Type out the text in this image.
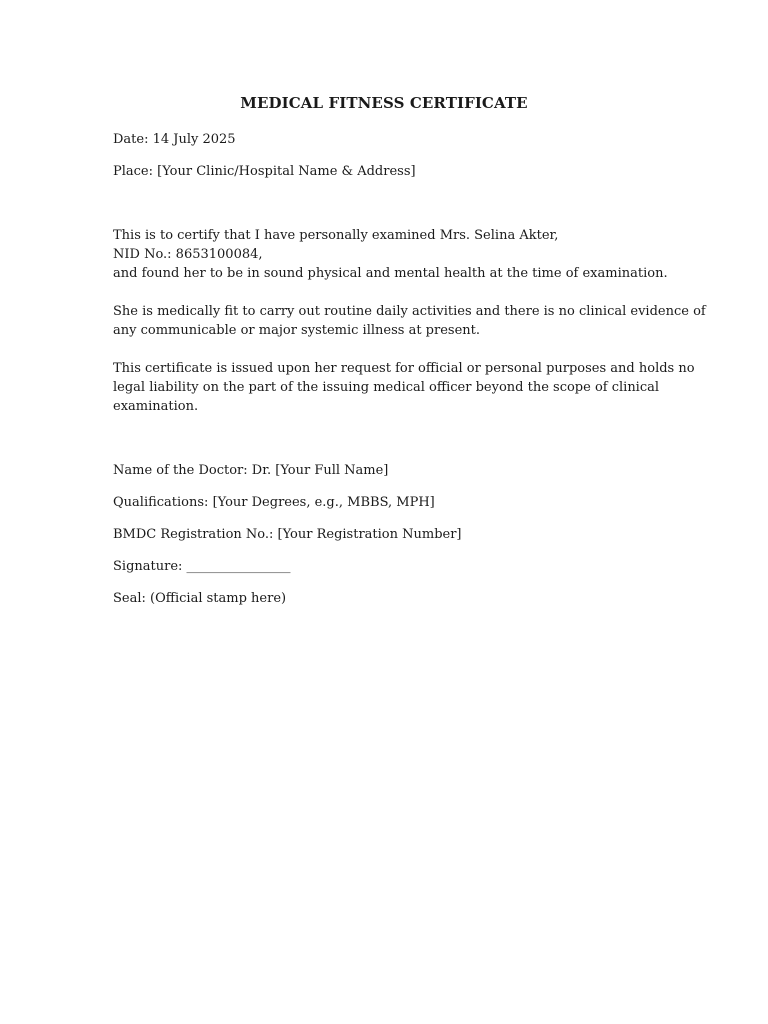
MEDICAL FITNESS CERTIFICATE
Date: 14 July 2025
Place: [Your Clinic/Hospital Name & Address]
This is to certify that I have personally examined Mrs. Selina Akter,
NID No.: 8653100084,
and found her to be in sound physical and mental health at the time of examination.
She is medically fit to carry out routine daily activities and there is no clinical evidence of
any communicable or major systemic illness at present.
This certificate is issued upon her request for official or personal purposes and holds no
legal liability on the part of the issuing medical officer beyond the scope of clinical
examination.
Name of the Doctor: Dr. [Your Full Name]
Qualifications: [Your Degrees, e.g., MBBS, MPH]
BMDC Registration No.: [Your Registration Number]
Signature: ________________
Seal: (Official stamp here)
